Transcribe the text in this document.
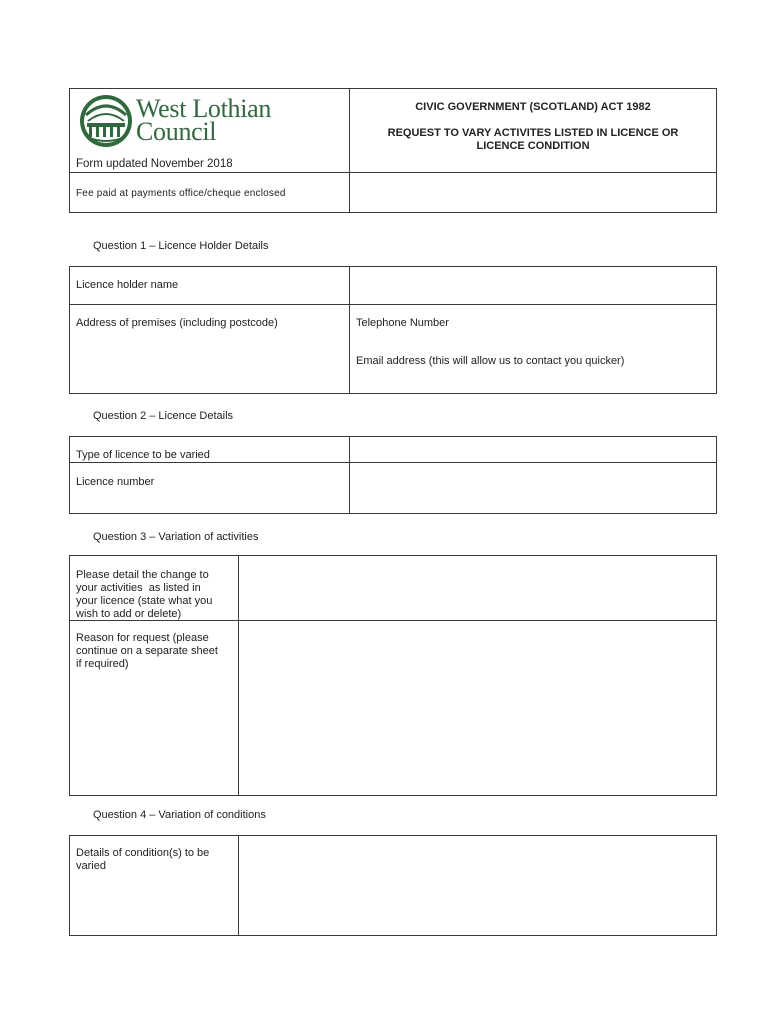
West Lothian
Council
Form updated November 2018
Fee paid at payments office/cheque enclosed
CIVIC GOVERNMENT (SCOTLAND) ACT 1982
REQUEST TO VARY ACTIVITES LISTED IN LICENCE OR
LICENCE CONDITION
Question 1 – Licence Holder Details
Licence holder name
Address of premises (including postcode)	Telephone Number
Email address (this will allow us to contact you quicker)
Question 2 – Licence Details
Type of licence to be varied
Licence number
Question 3 – Variation of activities
Please detail the change to
your activities  as listed in
your licence (state what you
wish to add or delete)
Reason for request (please
continue on a separate sheet
if required)
Question 4 – Variation of conditions
Details of condition(s) to be
varied
